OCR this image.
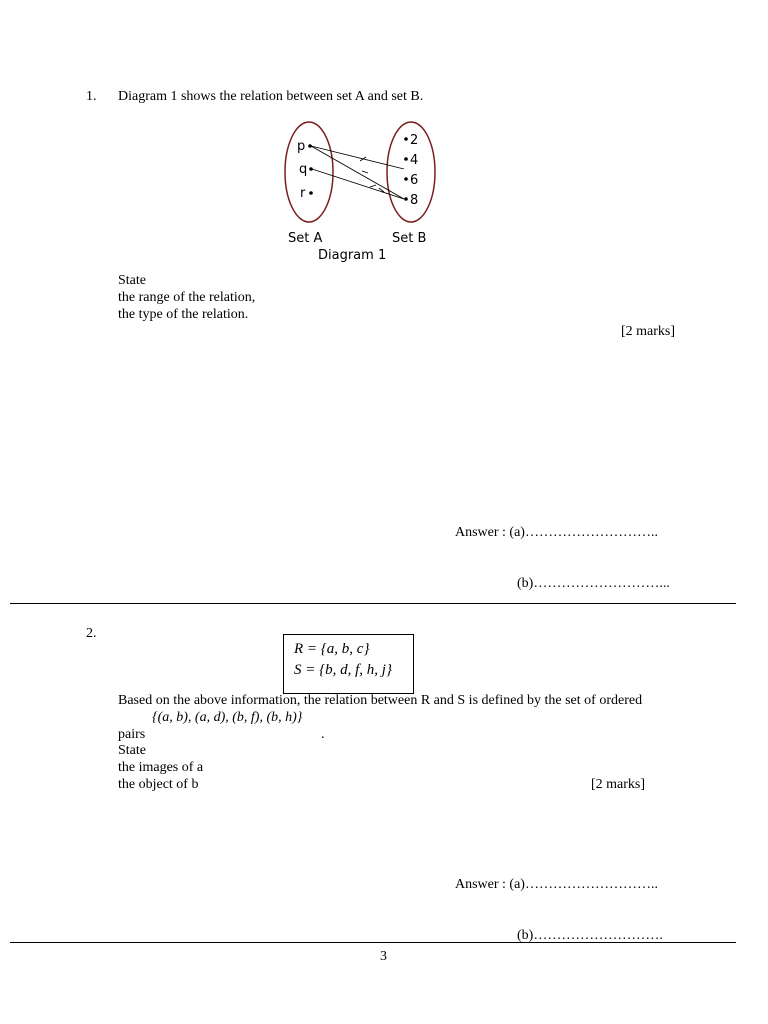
1. Diagram 1 shows the relation between set A and set B.
p
q
r
2
4
6
8
Set A	Set B
Diagram 1
State
the range of the relation,
the type of the relation.
[2 marks]
Answer : (a)………………………..
(b)………………………...
2.
R = {a, b, c}
S = {b, d, f, h, j}
Based on the above information, the relation between R and S is defined by the set of ordered
{(a, b), (a, d), (b, f), (b, h)}
pairs	.
State
the images of a
the object of b	[2 marks]
Answer : (a)………………………..
(b)……………………….
3
